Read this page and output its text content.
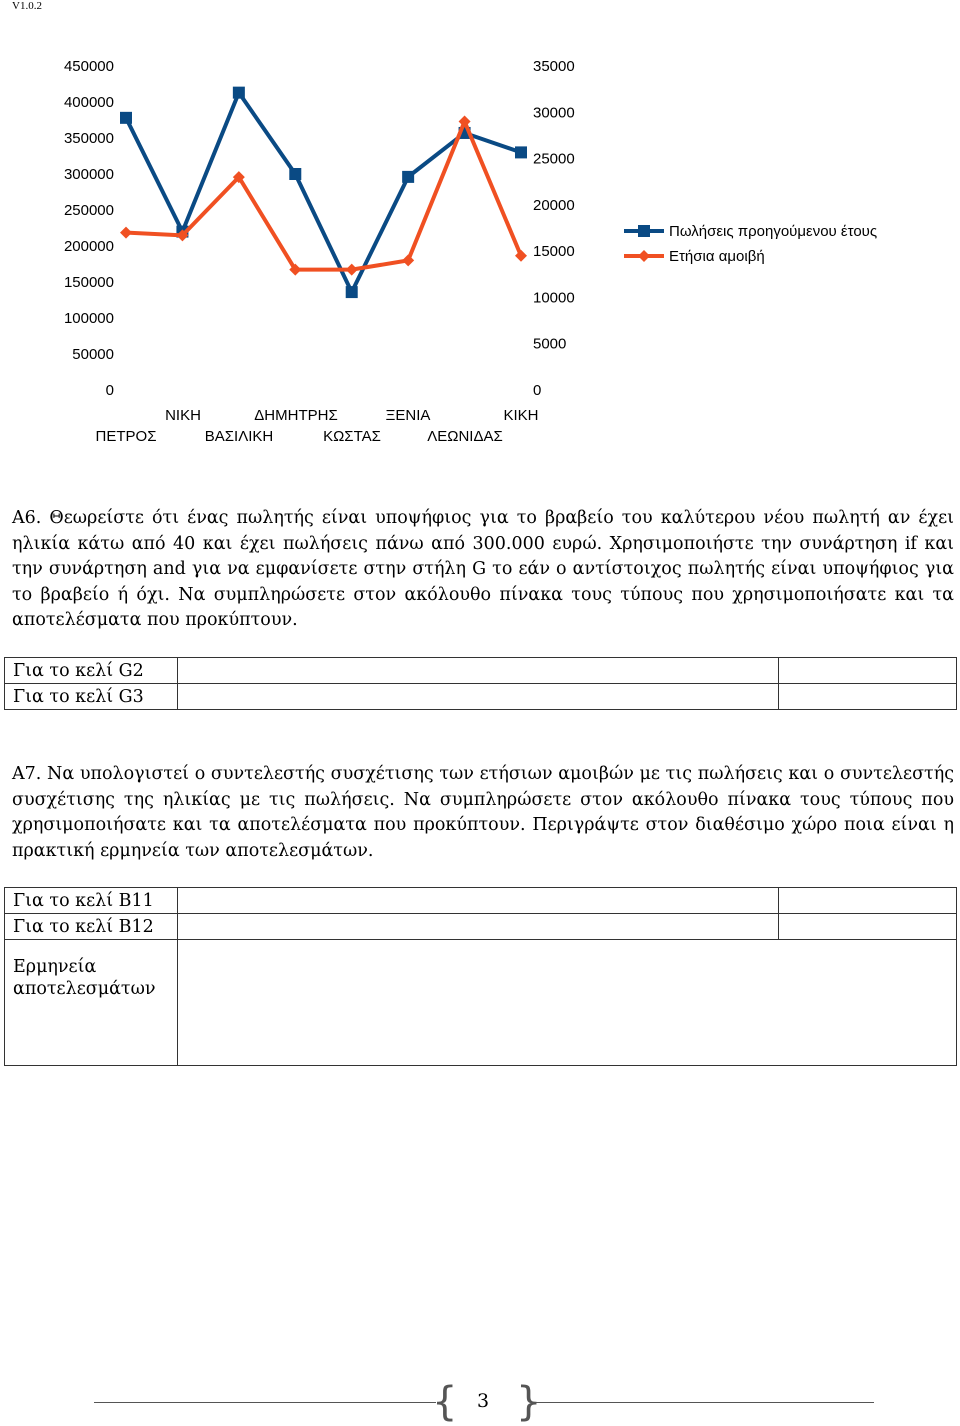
V1.0.2
450000
400000
350000
300000
250000
200000
150000
100000
50000
0
35000
30000
25000
20000
15000
10000
5000
0
ΝΙΚΗ	ΔΗΜΗΤΡΗΣ	ΞΕΝΙΑ	ΚΙΚΗ
ΠΕΤΡΟΣ	ΒΑΣΙΛΙΚΗ	ΚΩΣΤΑΣ	ΛΕΩΝΙΔΑΣ
Πωλήσεις προηγούμενου έτους
Ετήσια αμοιβή
Α6. Θεωρείστε ότι ένας πωλητής είναι υποψήφιος για το βραβείο του καλύτερου νέου πωλητή αν έχει ηλικία κάτω από 40 και έχει πωλήσεις πάνω από 300.000 ευρώ. Χρησιμοποιήστε την συνάρτηση if και την συνάρτηση and για να εμφανίσετε στην στήλη G το εάν ο αντίστοιχος πωλητής είναι υποψήφιος για το βραβείο ή όχι. Να συμπληρώσετε στον ακόλουθο πίνακα τους τύπους που χρησιμοποιήσατε και τα αποτελέσματα που προκύπτουν.
Για το κελί G2		
Για το κελί G3		
Α7. Να υπολογιστεί ο συντελεστής συσχέτισης των ετήσιων αμοιβών με τις πωλήσεις και ο συντελεστής συσχέτισης της ηλικίας με τις πωλήσεις. Να συμπληρώσετε στον ακόλουθο πίνακα τους τύπους που χρησιμοποιήσατε και τα αποτελέσματα που προκύπτουν. Περιγράψτε στον διαθέσιμο χώρο ποια είναι η πρακτική ερμηνεία των αποτελεσμάτων.
Για το κελί B11		
Για το κελί B12		

Ερμηνεία
αποτελεσμάτων		

{ }
3
